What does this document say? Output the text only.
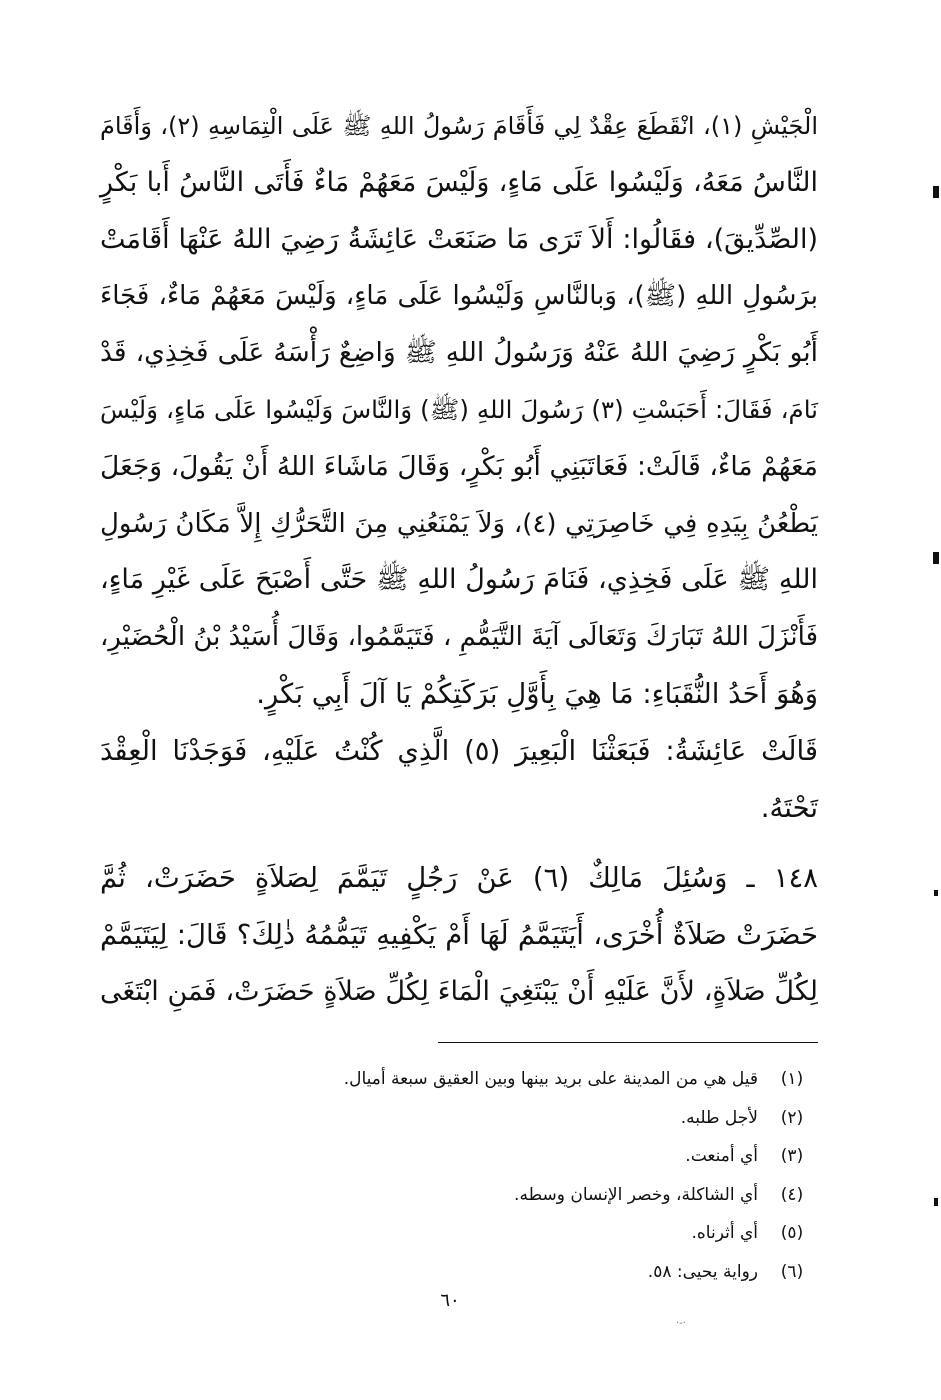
الْجَيْشِ (١)، انْقَطَعَ عِقْدٌ لِي فَأَقَامَ رَسُولُ اللهِ ﷺ عَلَى الْتِمَاسِهِ (٢)، وَأَقَامَ
النَّاسُ مَعَهُ، وَلَيْسُوا عَلَى مَاءٍ، وَلَيْسَ مَعَهُمْ مَاءٌ فَأَتَى النَّاسُ أَبا بَكْرٍ
(الصِّدِّيقَ)، فقَالُوا: أَلاَ تَرَى مَا صَنَعَتْ عَائِشَةُ رَضِيَ اللهُ عَنْهَا أَقَامَتْ
برَسُولِ اللهِ (ﷺ)، وَبالنَّاسِ وَلَيْسُوا عَلَى مَاءٍ، وَلَيْسَ مَعَهُمْ مَاءٌ، فَجَاءَ
أَبُو بَكْرٍ رَضِيَ اللهُ عَنْهُ وَرَسُولُ اللهِ ﷺ وَاضِعٌ رَأْسَهُ عَلَى فَخِذِي، قَدْ
نَامَ، فَقَالَ: أَحَبَسْتِ (٣) رَسُولَ اللهِ (ﷺ) وَالنَّاسَ وَلَيْسُوا عَلَى مَاءٍ، وَلَيْسَ
مَعَهُمْ مَاءٌ، قَالَتْ: فَعَاتَبَنِي أَبُو بَكْرٍ، وَقَالَ مَاشَاءَ اللهُ أَنْ يَقُولَ، وَجَعَلَ
يَطْعُنُ بِيَدِهِ فِي خَاصِرَتِي (٤)، وَلاَ يَمْنَعُنِي مِنَ التَّحَرُّكِ إِلاَّ مَكَانُ رَسُولِ
اللهِ ﷺ عَلَى فَخِذِي، فَنَامَ رَسُولُ اللهِ ﷺ حَتَّى أَصْبَحَ عَلَى غَيْرِ مَاءٍ،
فَأَنْزَلَ اللهُ تَبَارَكَ وَتَعَالَى آيَةَ التَّيَمُّمِ ، فَتَيَمَّمُوا، وَقَالَ أُسَيْدُ بْنُ الْحُضَيْرِ،
وَهُوَ أَحَدُ النُّقَبَاءِ: مَا هِيَ بِأَوَّلِ بَرَكَتِكُمْ يَا آلَ أَبِي بَكْرٍ.
قَالَتْ عَائِشَةُ: فَبَعَثْنَا الْبَعِيرَ (٥) الَّذِي كُنْتُ عَلَيْهِ، فَوَجَدْنَا الْعِقْدَ
تَحْتَهُ.
١٤٨ ـ وَسُئِلَ مَالِكٌ (٦) عَنْ رَجُلٍ تَيَمَّمَ لِصَلاَةٍ حَضَرَتْ، ثُمَّ
حَضَرَتْ صَلاَةٌ أُخْرَى، أَيَتَيَمَّمُ لَهَا أَمْ يَكْفِيهِ تَيَمُّمُهُ ذٰلِكَ؟ قَالَ: لِيَتَيَمَّمْ
لِكُلِّ صَلاَةٍ، لأَنَّ عَلَيْهِ أَنْ يَبْتَغِيَ الْمَاءَ لِكُلِّ صَلاَةٍ حَضَرَتْ، فَمَنِ ابْتَغَى
(١)
قيل هي من المدينة على بريد بينها وبين العقيق سبعة أميال.
(٢)
لأجل طلبه.
(٣)
أي أمنعت.
(٤)
أي الشاكلة، وخصر الإنسان وسطه.
(٥)
أي أثرناه.
(٦)
رواية يحيى: ٥٨.
٦٠
·-·
